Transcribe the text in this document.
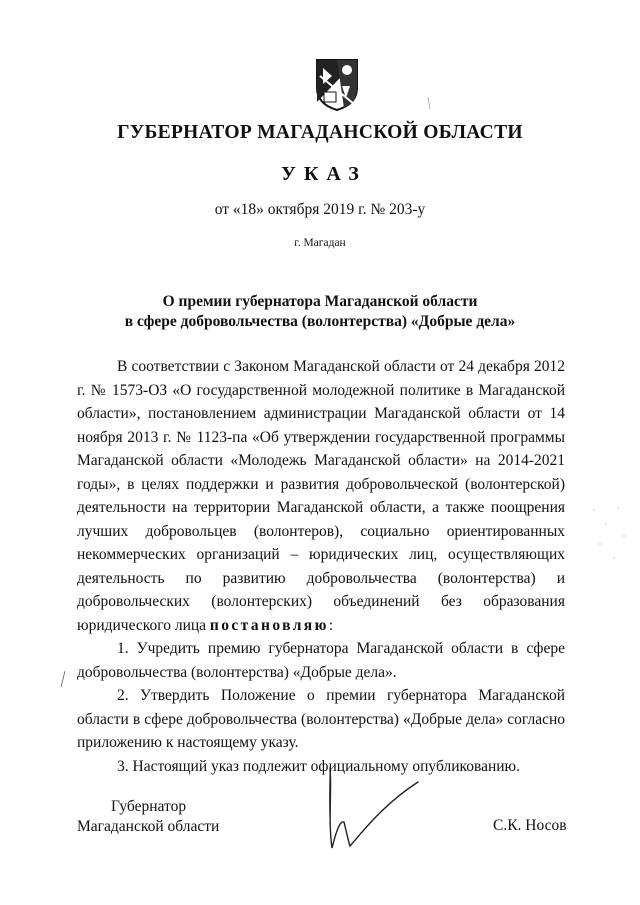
ГУБЕРНАТОР МАГАДАНСКОЙ ОБЛАСТИ
УКАЗ
от «18» октября 2019 г. № 203-у
г. Магадан
О премии губернатора Магаданской области
в сфере добровольчества (волонтерства) «Добрые дела»

В соответствии с Законом Магаданской области от 24 декабря 2012 г. № 1573-ОЗ «О государственной молодежной политике в Магаданской области», постановлением администрации Магаданской области от 14 ноября 2013 г. № 1123-па «Об утверждении государственной программы Магаданской области «Молодежь Магаданской области» на 2014-2021 годы», в целях поддержки и развития добровольческой (волонтерской) деятельности на территории Магаданской области, а также поощрения лучших добровольцев (волонтеров), социально ориентированных некоммерческих организаций – юридических лиц, осуществляющих деятельность по развитию добровольчества (волонтерства) и добровольческих (волонтерских) объединений без образования юридического лица постановляю:

1. Учредить премию губернатора Магаданской области в сфере добровольчества (волонтерства) «Добрые дела».

2. Утвердить Положение о премии губернатора Магаданской области в сфере добровольчества (волонтерства) «Добрые дела» согласно приложению к настоящему указу.

3. Настоящий указ подлежит официальному опубликованию.

Губернатор
Магаданской области	С.К. Носов
